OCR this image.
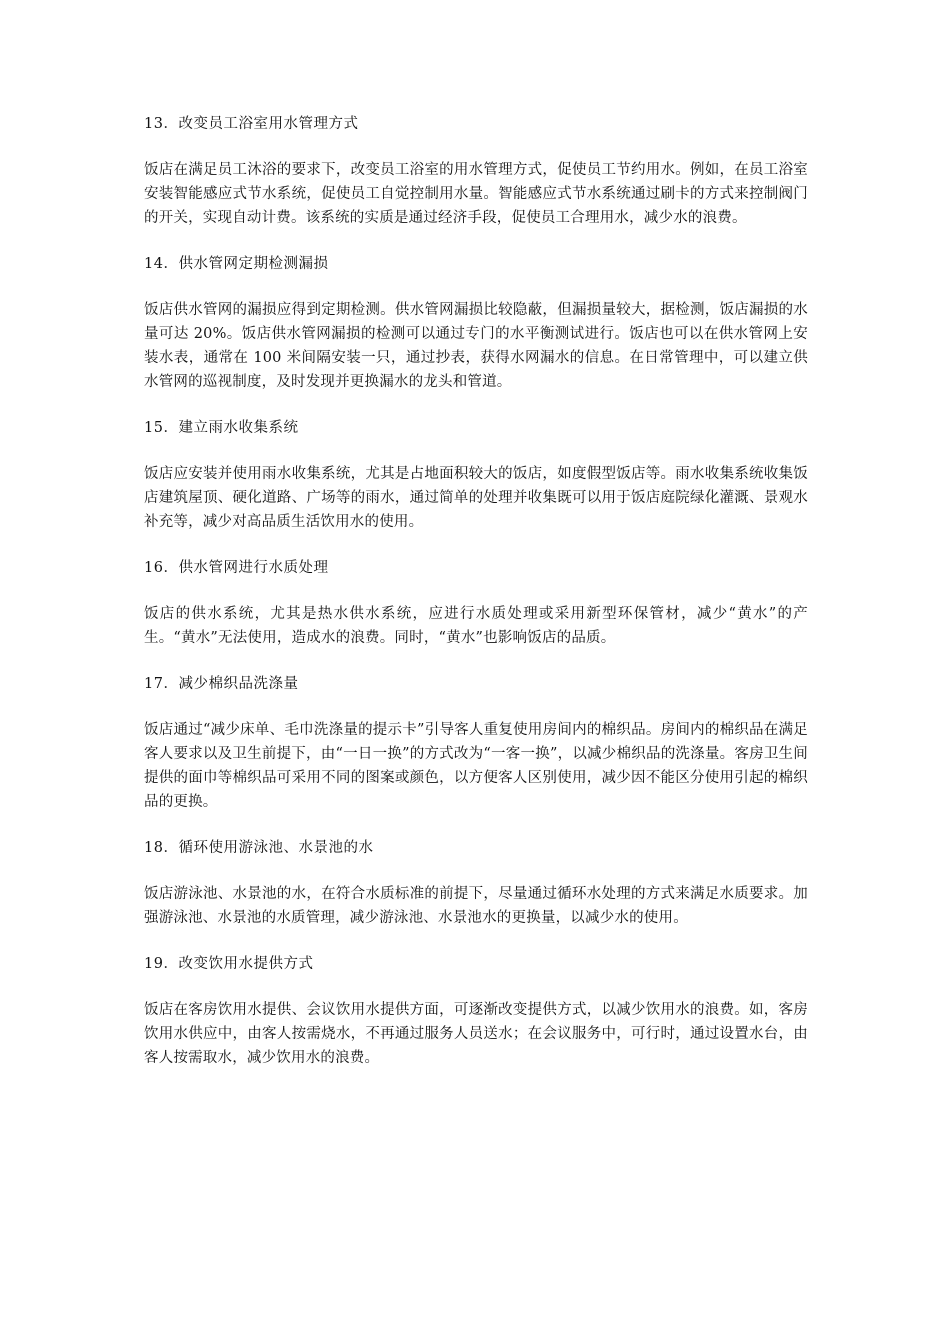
13．改变员工浴室用水管理方式

饭店在满足员工沐浴的要求下，改变员工浴室的用水管理方式，促使员工节约用水。例如，在员工浴室安装智能感应式节水系统，促使员工自觉控制用水量。智能感应式节水系统通过刷卡的方式来控制阀门的开关，实现自动计费。该系统的实质是通过经济手段，促使员工合理用水，减少水的浪费。

14．供水管网定期检测漏损

饭店供水管网的漏损应得到定期检测。供水管网漏损比较隐蔽，但漏损量较大，据检测，饭店漏损的水量可达 20%。饭店供水管网漏损的检测可以通过专门的水平衡测试进行。饭店也可以在供水管网上安装水表，通常在 100 米间隔安装一只，通过抄表，获得水网漏水的信息。在日常管理中，可以建立供水管网的巡视制度，及时发现并更换漏水的龙头和管道。

15．建立雨水收集系统

饭店应安装并使用雨水收集系统，尤其是占地面积较大的饭店，如度假型饭店等。雨水收集系统收集饭店建筑屋顶、硬化道路、广场等的雨水，通过简单的处理并收集既可以用于饭店庭院绿化灌溉、景观水补充等，减少对高品质生活饮用水的使用。

16．供水管网进行水质处理

饭店的供水系统，尤其是热水供水系统，应进行水质处理或采用新型环保管材，减少“黄水”的产生。“黄水”无法使用，造成水的浪费。同时，“黄水”也影响饭店的品质。

17．减少棉织品洗涤量

饭店通过“减少床单、毛巾洗涤量的提示卡”引导客人重复使用房间内的棉织品。房间内的棉织品在满足客人要求以及卫生前提下，由“一日一换”的方式改为“一客一换”，以减少棉织品的洗涤量。客房卫生间提供的面巾等棉织品可采用不同的图案或颜色，以方便客人区别使用，减少因不能区分使用引起的棉织品的更换。

18．循环使用游泳池、水景池的水

饭店游泳池、水景池的水，在符合水质标准的前提下，尽量通过循环水处理的方式来满足水质要求。加强游泳池、水景池的水质管理，减少游泳池、水景池水的更换量，以减少水的使用。

19．改变饮用水提供方式

饭店在客房饮用水提供、会议饮用水提供方面，可逐渐改变提供方式，以减少饮用水的浪费。如，客房饮用水供应中，由客人按需烧水，不再通过服务人员送水；在会议服务中，可行时，通过设置水台，由客人按需取水，减少饮用水的浪费。
